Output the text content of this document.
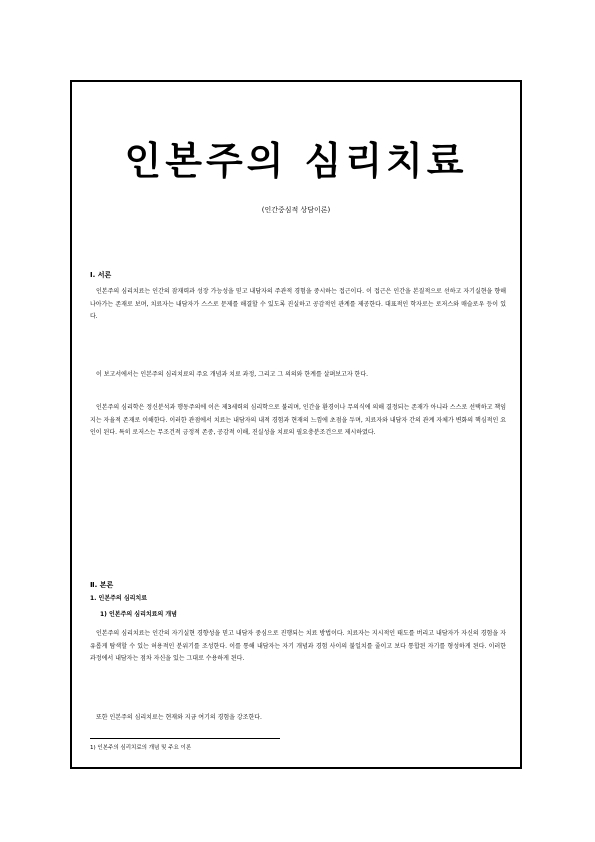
인본주의 심리치료
(인간중심적 상담이론)
Ⅰ. 서론
인본주의 심리치료는 인간의 잠재력과 성장 가능성을 믿고 내담자의 주관적 경험을 중시하는 접근이다. 이 접근은 인간을 본질적으로 선하고 자기실현을 향해 나아가는 존재로 보며, 치료자는 내담자가 스스로 문제를 해결할 수 있도록 진실하고 공감적인 관계를 제공한다. 대표적인 학자로는 로저스와 매슬로우 등이 있다.
이 보고서에서는 인본주의 심리치료의 주요 개념과 치료 과정, 그리고 그 의의와 한계를 살펴보고자 한다.
인본주의 심리학은 정신분석과 행동주의에 이은 제3세력의 심리학으로 불리며, 인간을 환경이나 무의식에 의해 결정되는 존재가 아니라 스스로 선택하고 책임지는 자율적 존재로 이해한다. 이러한 관점에서 치료는 내담자의 내적 경험과 현재의 느낌에 초점을 두며, 치료자와 내담자 간의 관계 자체가 변화의 핵심적인 요인이 된다. 특히 로저스는 무조건적 긍정적 존중, 공감적 이해, 진실성을 치료의 필요충분조건으로 제시하였다.
Ⅱ. 본론
1. 인본주의 심리치료
1) 인본주의 심리치료의 개념
인본주의 심리치료는 인간의 자기실현 경향성을 믿고 내담자 중심으로 진행되는 치료 방법이다. 치료자는 지시적인 태도를 버리고 내담자가 자신의 경험을 자유롭게 탐색할 수 있는 허용적인 분위기를 조성한다. 이를 통해 내담자는 자기 개념과 경험 사이의 불일치를 줄이고 보다 통합된 자기를 형성하게 된다. 이러한 과정에서 내담자는 점차 자신을 있는 그대로 수용하게 된다.
또한 인본주의 심리치료는 현재와 지금 여기의 경험을 강조한다.
1) 인본주의 심리치료의 개념 및 주요 이론
